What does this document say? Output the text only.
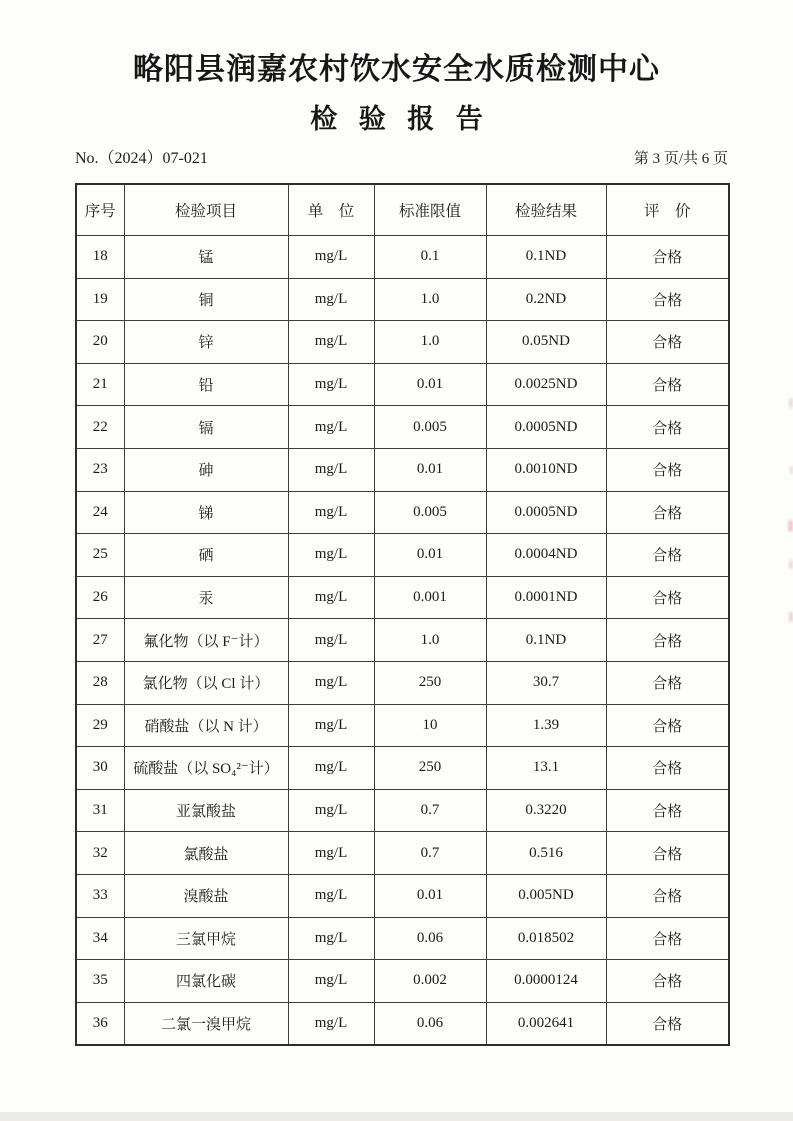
略阳县润嘉农村饮水安全水质检测中心
检 验 报 告
No.（2024）07-021	第 3 页/共 6 页
序号	检验项目	单　位	标准限值	检验结果	评　价
18	锰	mg/L	0.1	0.1ND	合格
19	铜	mg/L	1.0	0.2ND	合格
20	锌	mg/L	1.0	0.05ND	合格
21	铅	mg/L	0.01	0.0025ND	合格
22	镉	mg/L	0.005	0.0005ND	合格
23	砷	mg/L	0.01	0.0010ND	合格
24	锑	mg/L	0.005	0.0005ND	合格
25	硒	mg/L	0.01	0.0004ND	合格
26	汞	mg/L	0.001	0.0001ND	合格
27	氟化物（以 F⁻计）	mg/L	1.0	0.1ND	合格
28	氯化物（以 Cl 计）	mg/L	250	30.7	合格
29	硝酸盐（以 N 计）	mg/L	10	1.39	合格
30	硫酸盐（以 SO₄²⁻计）	mg/L	250	13.1	合格
31	亚氯酸盐	mg/L	0.7	0.3220	合格
32	氯酸盐	mg/L	0.7	0.516	合格
33	溴酸盐	mg/L	0.01	0.005ND	合格
34	三氯甲烷	mg/L	0.06	0.018502	合格
35	四氯化碳	mg/L	0.002	0.0000124	合格
36	二氯一溴甲烷	mg/L	0.06	0.002641	合格
